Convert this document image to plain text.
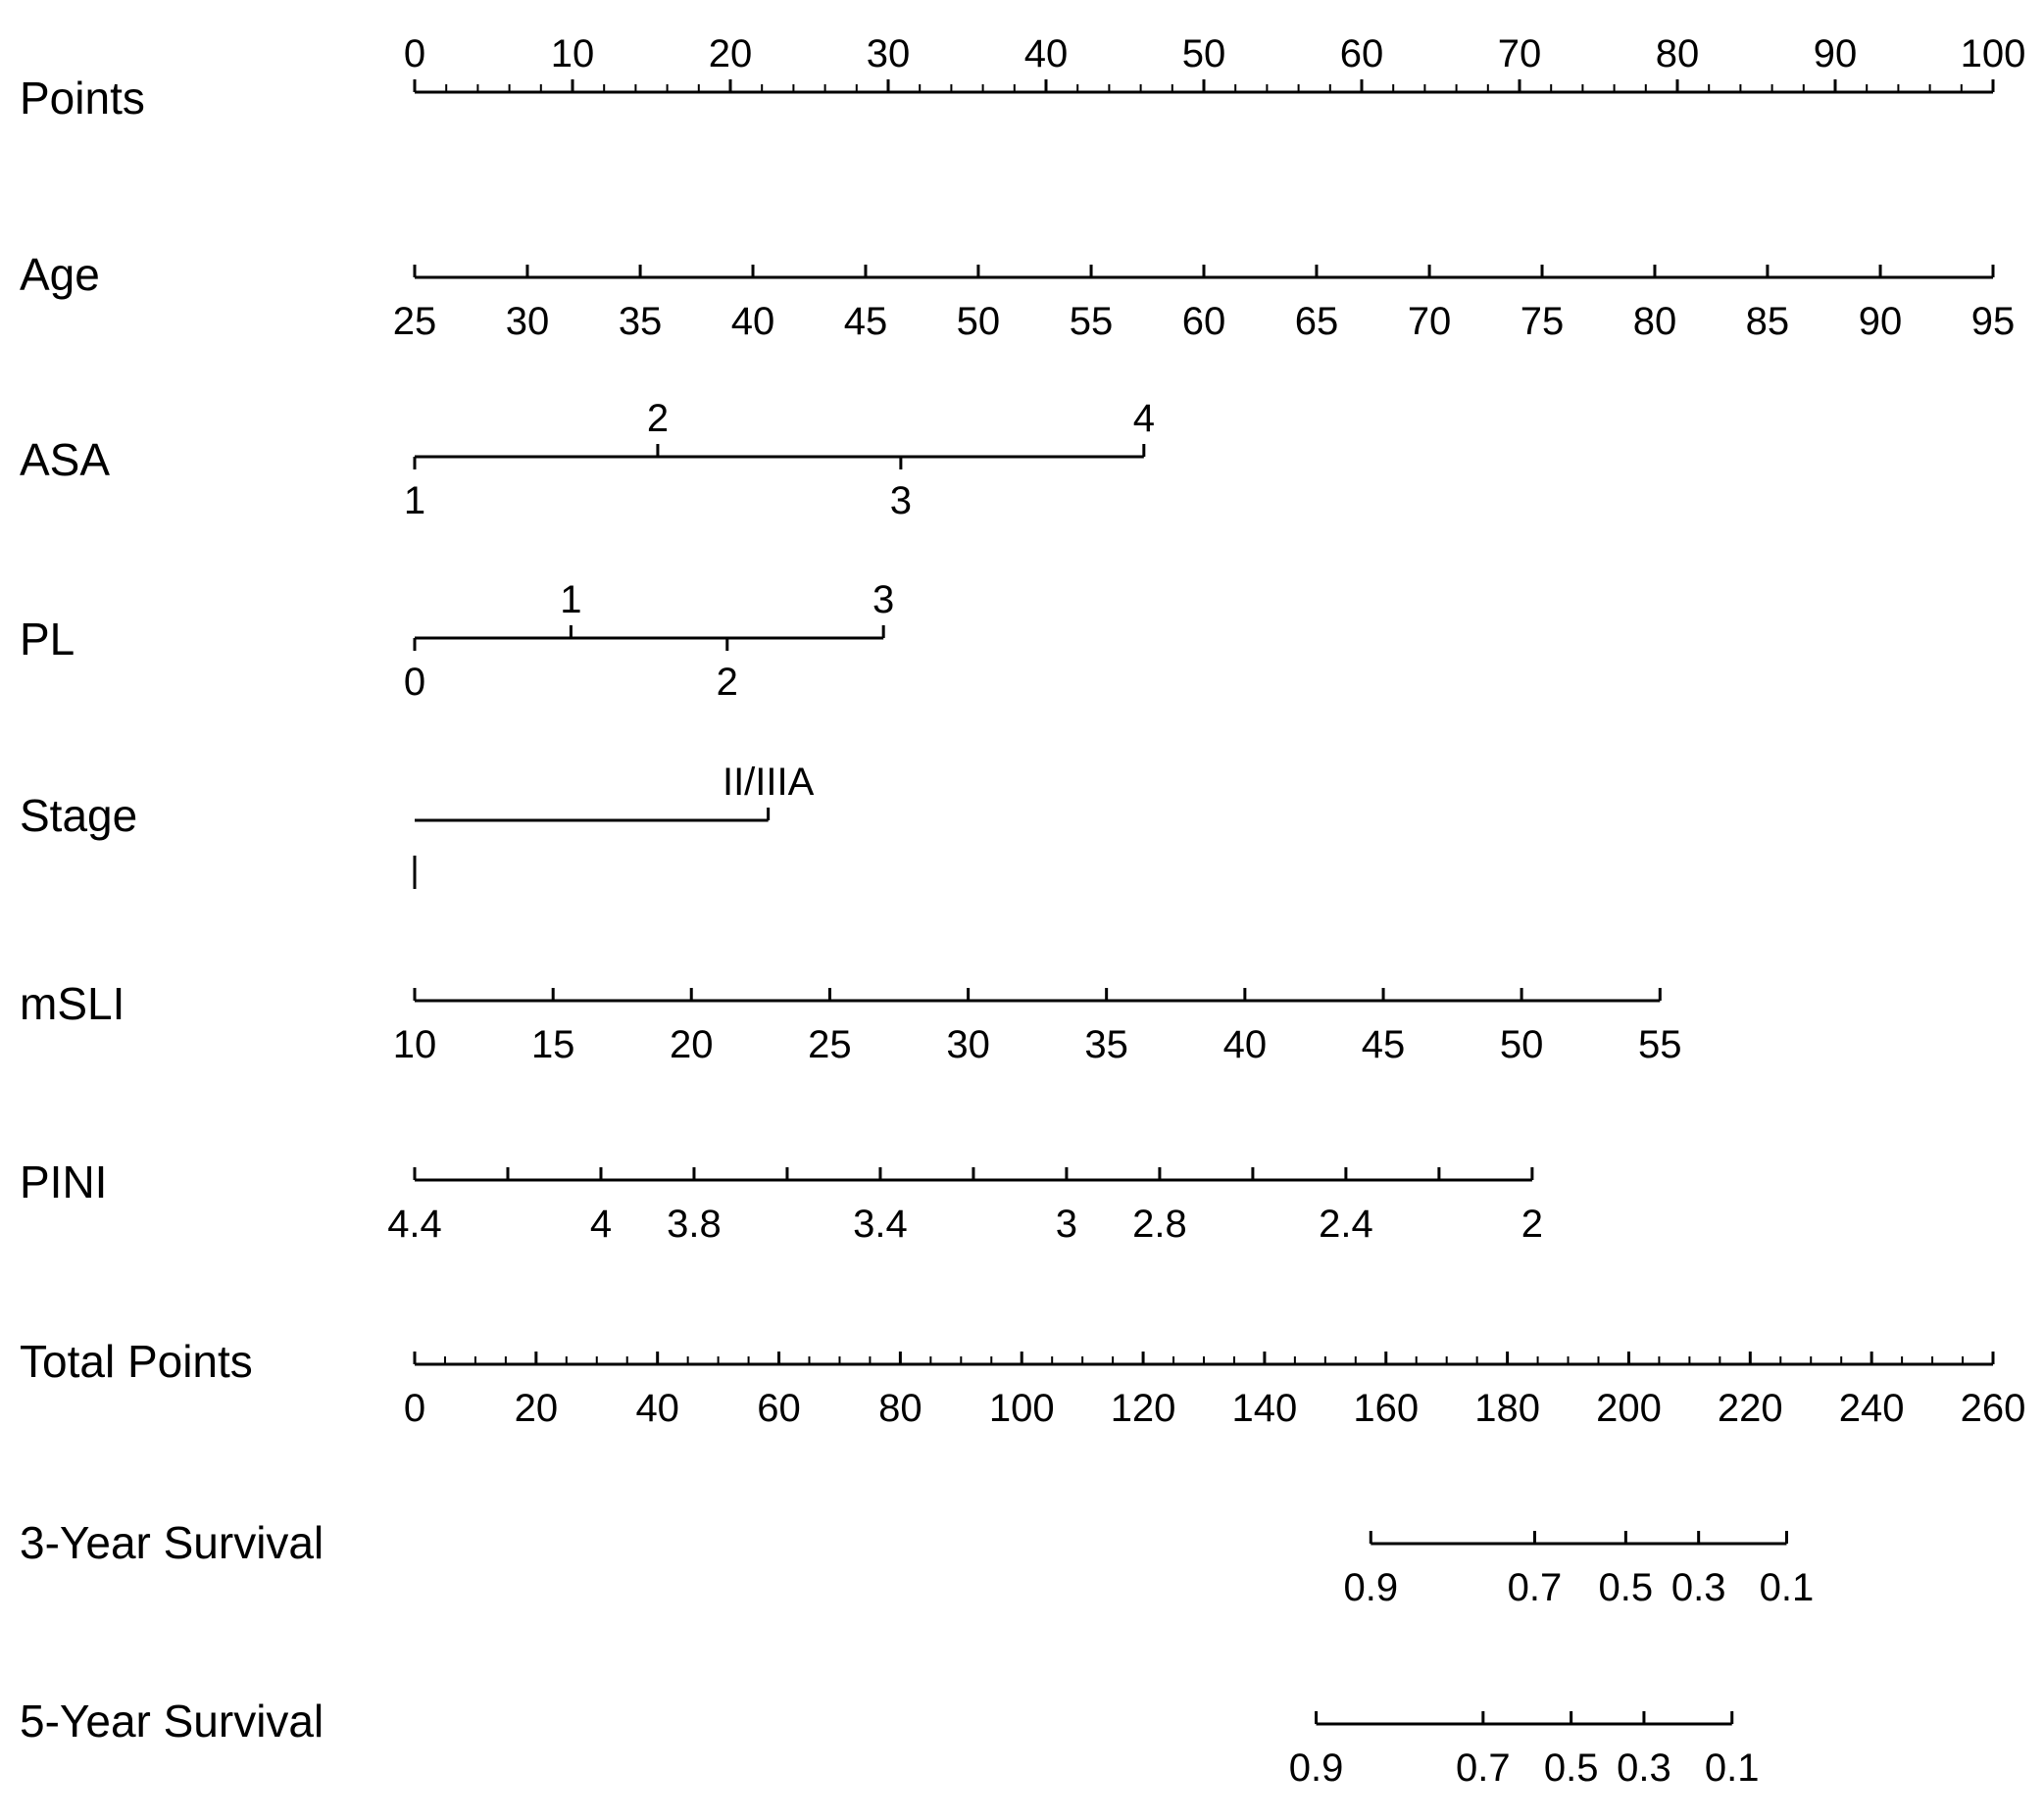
Points
0	10	20	30	40	50	60	70	80	90	100
Age
25 30 35 40 45 50 55 60 65 70 75 80 85 90 95
ASA
1
2
3
4
PL
0
1
2
3
Stage
II/IIIA
mSLI
10 15 20 25 30 35 40 45 50 55
PINI
4.4	4 3.8	3.4	3 2.8	2.4	2
Total Points
0 20 40 60 80 100 120 140 160 180 200 220 240 260
3-Year Survival
0.9	0.7 0.5 0.3 0.1
5-Year Survival
0.9	0.7 0.5 0.3 0.1
